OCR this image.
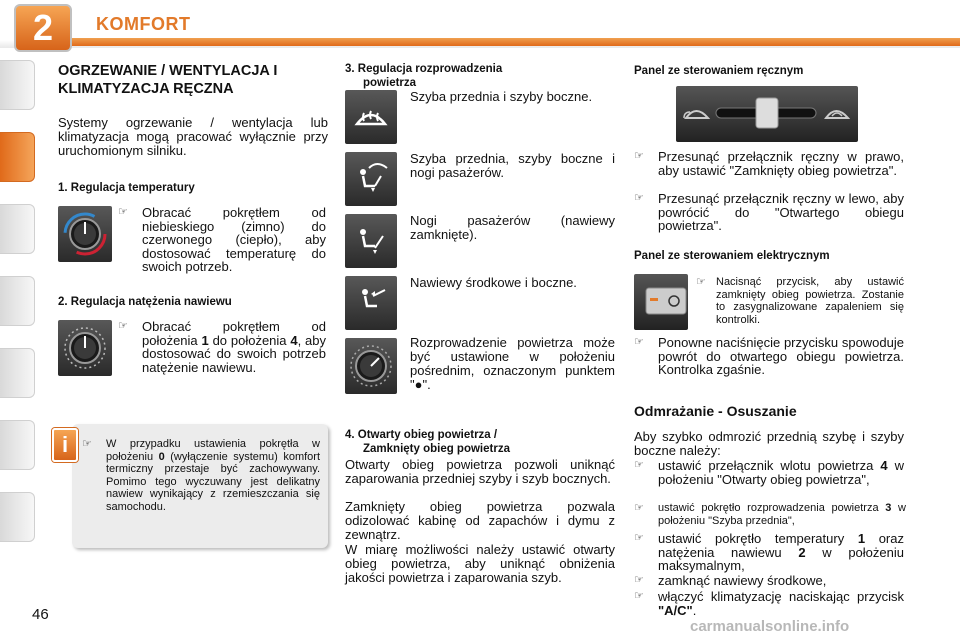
2	KOMFORT
OGRZEWANIE / WENTYLACJA I
KLIMATYZACJA RĘCZNA

Systemy ogrzewanie / wentylacja lub klimatyzacja mogą pracować wyłącznie przy uruchomionym silniku.

1. Regulacja temperatury

☞	Obracać pokrętłem od niebieskiego (zimno) do czerwonego (ciepło), aby dostosować temperaturę do swoich potrzeb.

2. Regulacja natężenia nawiewu

☞	Obracać pokrętłem od położenia 1 do położenia 4, aby dostosować do swoich potrzeb natężenie nawiewu.
i	☞	W przypadku ustawienia pokrętła w położeniu 0 (wyłączenie systemu) komfort termiczny przestaje być zachowywany. Pomimo tego wyczuwany jest delikatny nawiew wynikający z rzemieszczania się samochodu.

3. Regulacja rozprowadzenia
powietrza

Szyba przednia i szyby boczne.

Szyba przednia, szyby boczne i nogi pasażerów.

Nogi pasażerów (nawiewy zamknięte).

Nawiewy środkowe i boczne.

Rozprowadzenie powietrza może być ustawione w położeniu pośrednim, oznaczonym punktem "●".

4. Otwarty obieg powietrza /
Zamknięty obieg powietrza

Otwarty obieg powietrza pozwoli uniknąć zaparowania przedniej szyby i szyb bocznych.

Zamknięty obieg powietrza pozwala odizolować kabinę od zapachów i dymu z zewnątrz.

W miarę możliwości należy ustawić otwarty obieg powietrza, aby uniknąć obniżenia jakości powietrza i zaparowania szyb.

Panel ze sterowaniem ręcznym

☞	Przesunąć przełącznik ręczny w prawo, aby ustawić "Zamknięty obieg powietrza".
☞	Przesunąć przełącznik ręczny w lewo, aby powrócić do "Otwartego obiegu powietrza".

Panel ze sterowaniem elektrycznym

☞ Nacisnąć przycisk, aby ustawić zamknięty obieg powietrza. Zostanie to zasygnalizowane zapaleniem się kontrolki.
☞	Ponowne naciśnięcie przycisku spowoduje powrót do otwartego obiegu powietrza. Kontrolka zgaśnie.
Odmrażanie - Osuszanie

Aby szybko odmrozić przednią szybę i szyby boczne należy:

☞	ustawić przełącznik wlotu powietrza 4 w położeniu "Otwarty obieg powietrza",
☞	ustawić pokrętło rozprowadzenia powietrza 3 w położeniu "Szyba przednia",
☞	ustawić pokrętło temperatury 1 oraz natężenia nawiewu 2 w położeniu maksymalnym,
☞	zamknąć nawiewy środkowe,
☞	włączyć klimatyzację naciskając przycisk "A/C".
46
carmanualsonline.info
